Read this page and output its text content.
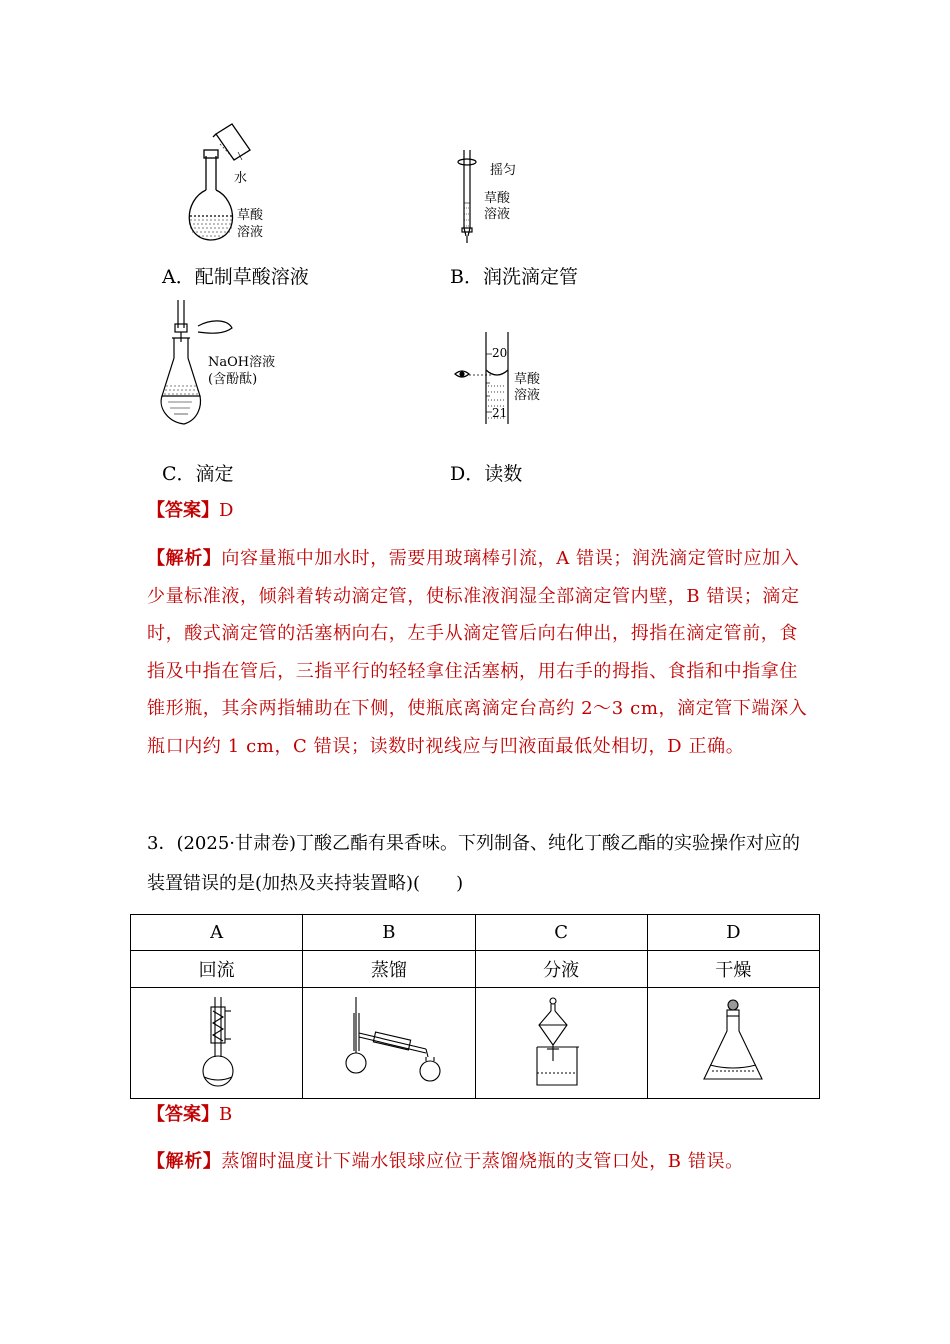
水
草酸
溶液
A．配制草酸溶液
摇匀
草酸
溶液
B．润洗滴定管
NaOH溶液
(含酚酞)
C．滴定
20
21
草酸
溶液
D．读数
【答案】D
【解析】向容量瓶中加水时，需要用玻璃棒引流，A 错误；润洗滴定管时应加入少量标准液，倾斜着转动滴定管，使标准液润湿全部滴定管内壁，B 错误；滴定时，酸式滴定管的活塞柄向右，左手从滴定管后向右伸出，拇指在滴定管前，食指及中指在管后，三指平行的轻轻拿住活塞柄，用右手的拇指、食指和中指拿住锥形瓶，其余两指辅助在下侧，使瓶底离滴定台高约 2～3 cm，滴定管下端深入瓶口内约 1 cm，C 错误；读数时视线应与凹液面最低处相切，D 正确。
3．(2025·甘肃卷)丁酸乙酯有果香味。下列制备、纯化丁酸乙酯的实验操作对应的装置错误的是(加热及夹持装置略)(　　)
A	B	C	D
回流	蒸馏	分液	干燥

【答案】B
【解析】蒸馏时温度计下端水银球应位于蒸馏烧瓶的支管口处，B 错误。
